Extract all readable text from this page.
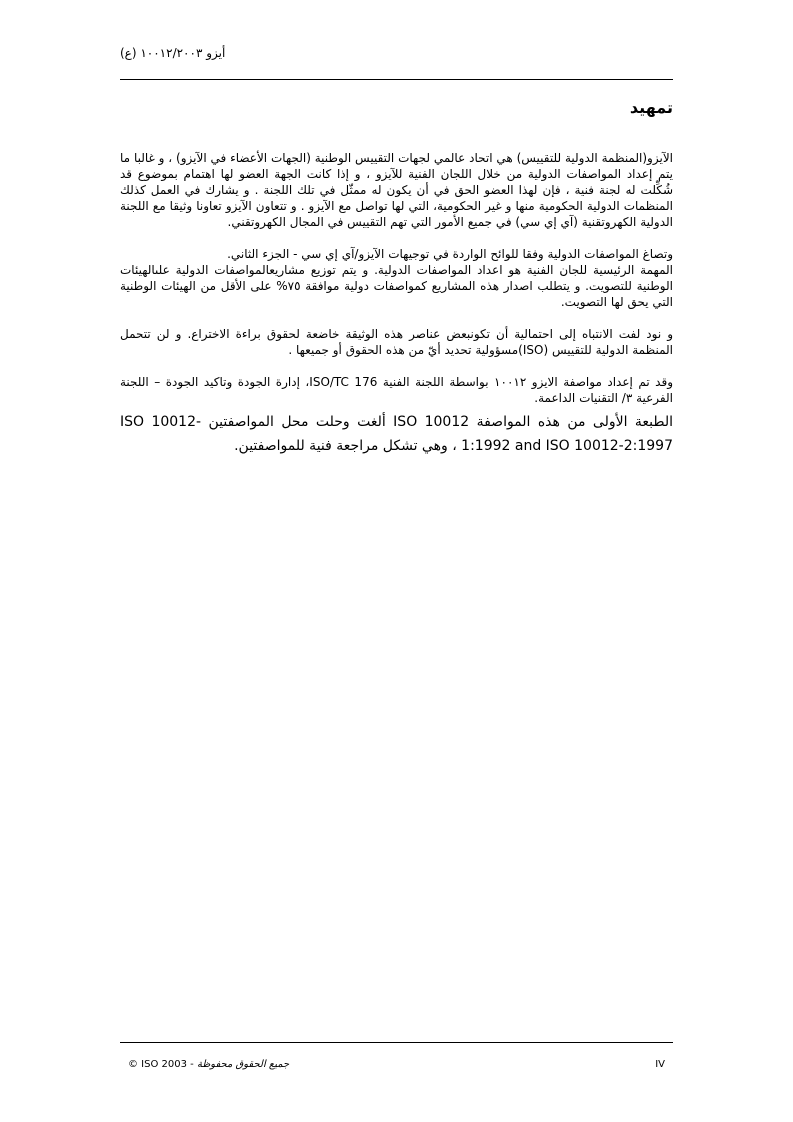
أيزو ١٠٠١٢/٢٠٠٣ (ع)
تمهيد

الآيزو(المنظمة الدولية للتقييس) هي اتحاد عالمي لجهات التقييس الوطنية (الجهات الأعضاء في الآيزو) ، و غالبا ما يتم إعداد المواصفات الدولية من خلال اللجان الفنية للآيزو ، و إذا كانت الجهة العضو لها اهتمام بموضوع قد شُكِّلت له لجنة فنية ، فإن لهذا العضو الحق في أن يكون له ممثّل في تلك اللجنة . و يشارك في العمل كذلك المنظمات الدولية الحكومية منها و غير الحكومية، التي لها تواصل مع الآيزو . و تتعاون الآيزو تعاونا وثيقا مع اللجنة الدولية الكهروتقنية (آي إي سي) في جميع الأمور التي تهم التقييس في المجال الكهروتقني.

وتصاغ المواصفات الدولية وفقا للوائح الواردة في توجيهات الآيزو/آي إي سي - الجزء الثاني.

المهمة الرئيسية للجان الفنية هو اعداد المواصفات الدولية. و يتم توزيع مشاريعالمواصفات الدولية علىالهيئات الوطنية للتصويت. و يتطلب اصدار هذه المشاريع كمواصفات دولية موافقة ٧٥% على الأقل من الهيئات الوطنية التي يحق لها التصويت.

و نود لفت الانتباه إلى احتمالية أن تكونبعض عناصر هذه الوثيقة خاضعة لحقوق براءة الاختراع. و لن تتحمل المنظمة الدولية للتقييس (ISO)مسؤولية تحديد أيّ من هذه الحقوق أو جميعها .

وقد تم إعداد مواصفة الايزو ١٠٠١٢ بواسطة اللجنة الفنية ISO/TC 176، إدارة الجودة وتاكيد الجودة – اللجنة الفرعية ٣/ التقنيات الداعمة.

الطبعة الأولى من هذه المواصفة ISO 10012 ألغت وحلت محل المواصفتين ISO 10012-1:1992 and ISO 10012-2:1997 ، وهي تشكل مراجعة فنية للمواصفتين.

© ISO 2003 - جميع الحقوق محفوظة	IV
